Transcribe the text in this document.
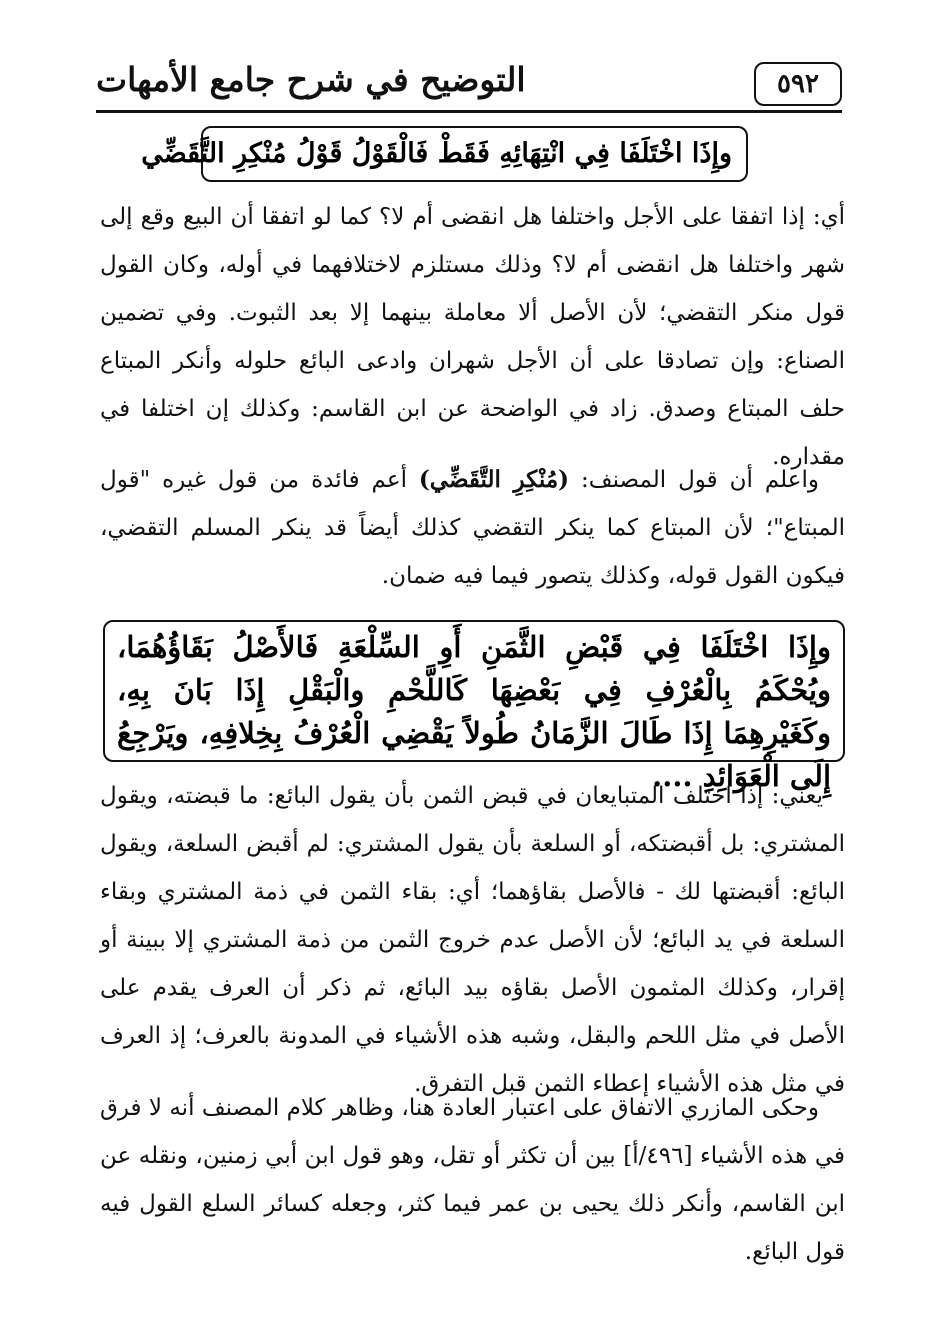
٥٩٢
التوضيح في شرح جامع الأمهات
وإِذَا اخْتَلَفَا فِي انْتِهَائِهِ فَقَطْ فَالْقَوْلُ قَوْلُ مُنْكِرِ التَّقَضِّي
أي: إذا اتفقا على الأجل واختلفا هل انقضى أم لا؟ كما لو اتفقا أن البيع وقع إلى شهر واختلفا هل انقضى أم لا؟ وذلك مستلزم لاختلافهما في أوله، وكان القول قول منكر التقضي؛ لأن الأصل ألا معاملة بينهما إلا بعد الثبوت. وفي تضمين الصناع: وإن تصادقا على أن الأجل شهران وادعى البائع حلوله وأنكر المبتاع حلف المبتاع وصدق. زاد في الواضحة عن ابن القاسم: وكذلك إن اختلفا في مقداره.
واعلم أن قول المصنف: (مُنْكِرِ التَّقَضِّي) أعم فائدة من قول غيره "قول المبتاع"؛ لأن المبتاع كما ينكر التقضي كذلك أيضاً قد ينكر المسلم التقضي، فيكون القول قوله، وكذلك يتصور فيما فيه ضمان.
وإِذَا اخْتَلَفَا فِي قَبْضِ الثَّمَنِ أَوِ السِّلْعَةِ فَالأَصْلُ بَقَاؤُهُمَا، ويُحْكَمُ بِالْعُرْفِ فِي بَعْضِهَا كَاللَّحْمِ والْبَقْلِ إِذَا بَانَ بِهِ، وكَغَيْرِهِمَا إِذَا طَالَ الزَّمَانُ طُولاً يَقْضِي الْعُرْفُ بِخِلافِهِ، ويَرْجِعُ إِلَى الْعَوَائِدِ ....
يعني: إذا اختلف المتبايعان في قبض الثمن بأن يقول البائع: ما قبضته، ويقول المشتري: بل أقبضتكه، أو السلعة بأن يقول المشتري: لم أقبض السلعة، ويقول البائع: أقبضتها لك - فالأصل بقاؤهما؛ أي: بقاء الثمن في ذمة المشتري وبقاء السلعة في يد البائع؛ لأن الأصل عدم خروج الثمن من ذمة المشتري إلا ببينة أو إقرار، وكذلك المثمون الأصل بقاؤه بيد البائع، ثم ذكر أن العرف يقدم على الأصل في مثل اللحم والبقل، وشبه هذه الأشياء في المدونة بالعرف؛ إذ العرف في مثل هذه الأشياء إعطاء الثمن قبل التفرق.
وحكى المازري الاتفاق على اعتبار العادة هنا، وظاهر كلام المصنف أنه لا فرق في هذه الأشياء [٤٩٦/أ] بين أن تكثر أو تقل، وهو قول ابن أبي زمنين، ونقله عن ابن القاسم، وأنكر ذلك يحيى بن عمر فيما كثر، وجعله كسائر السلع القول فيه قول البائع.
